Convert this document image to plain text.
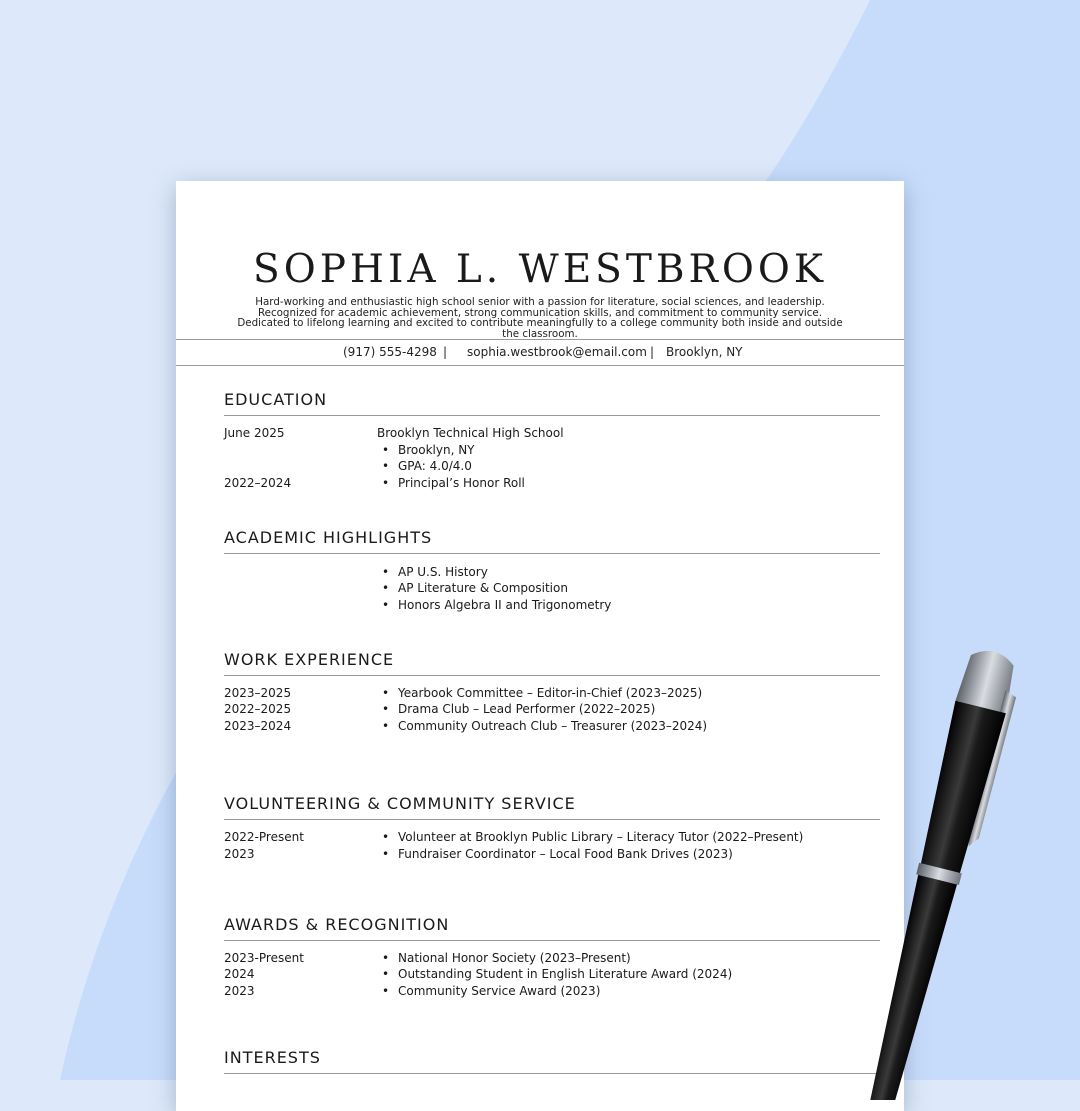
SOPHIA L. WESTBROOK
Hard-working and enthusiastic high school senior with a passion for literature, social sciences, and leadership. Recognized for academic achievement, strong communication skills, and commitment to community service. Dedicated to lifelong learning and excited to contribute meaningfully to a college community both inside and outside the classroom.
(917) 555-4298 | sophia.westbrook@email.com | Brooklyn, NY
EDUCATION
June 2025	Brooklyn Technical High School
• Brooklyn, NY
• GPA: 4.0/4.0
2022–2024	• Principal’s Honor Roll
ACADEMIC HIGHLIGHTS
• AP U.S. History
• AP Literature & Composition
• Honors Algebra II and Trigonometry
WORK EXPERIENCE
2023–2025	• Yearbook Committee – Editor-in-Chief (2023–2025)
2022–2025	• Drama Club – Lead Performer (2022–2025)
2023–2024	• Community Outreach Club – Treasurer (2023–2024)
VOLUNTEERING & COMMUNITY SERVICE
2022-Present	• Volunteer at Brooklyn Public Library – Literacy Tutor (2022–Present)
2023	• Fundraiser Coordinator – Local Food Bank Drives (2023)
AWARDS & RECOGNITION
2023-Present	• National Honor Society (2023–Present)
2024	• Outstanding Student in English Literature Award (2024)
2023	• Community Service Award (2023)
INTERESTS
